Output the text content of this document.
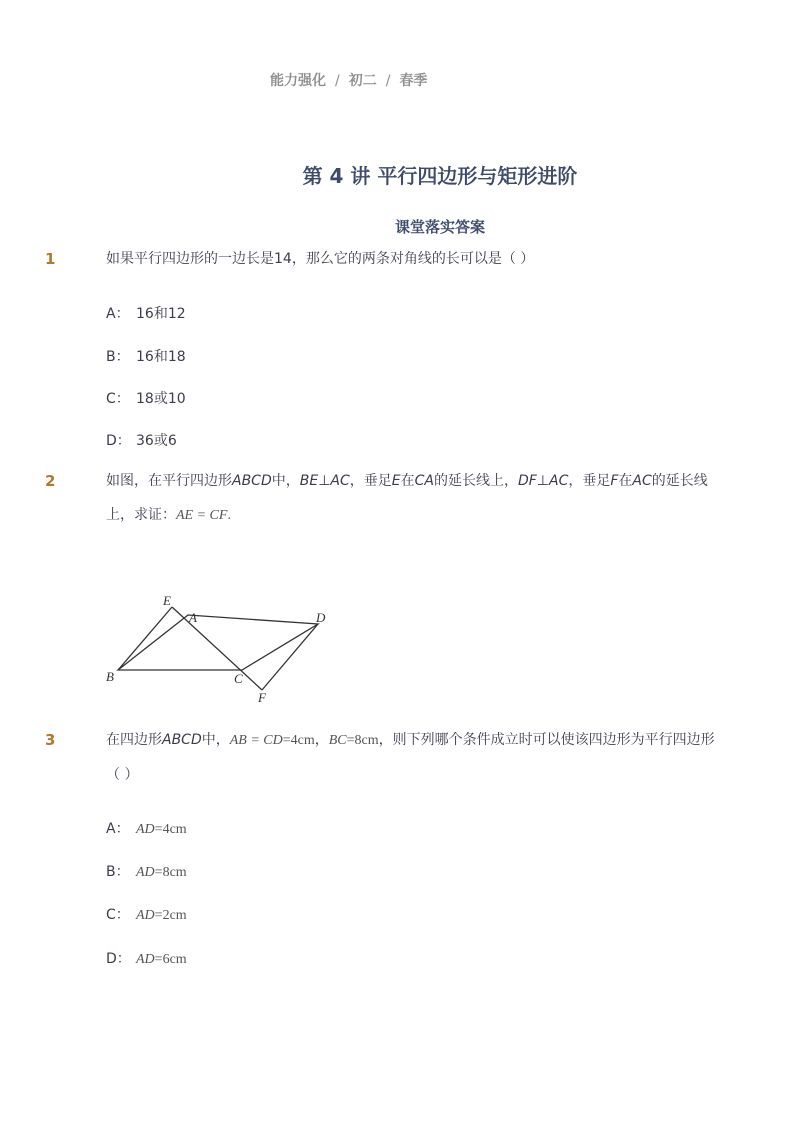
能力强化 / 初二 / 春季
第 4 讲 平行四边形与矩形进阶
课堂落实答案
1	如果平行四边形的一边长是14，那么它的两条对角线的长可以是（ ）
A： 16和12
B： 16和18
C： 18或10
D： 36或6
2	如图，在平行四边形ABCD中，BE⊥AC，垂足E在CA的延长线上，DF⊥AC，垂足F在AC的延长线上，求证：AE = CF.
E
A	D
B	C
F
3	在四边形ABCD中，AB = CD=4cm，BC=8cm，则下列哪个条件成立时可以使该四边形为平行四边形（ ）
A： AD=4cm
B： AD=8cm
C： AD=2cm
D： AD=6cm
